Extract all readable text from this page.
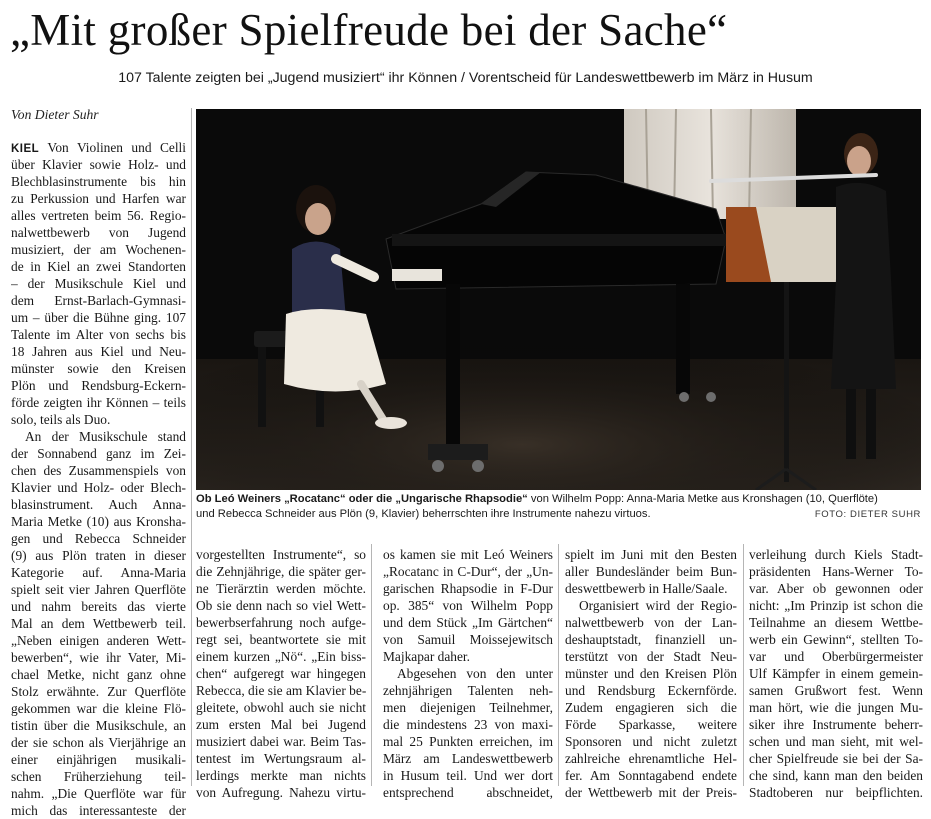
„Mit großer Spielfreude bei der Sache“
107 Talente zeigten bei „Jugend musiziert“ ihr Können / Vorentscheid für Landeswettbewerb im März in Husum
Von Dieter Suhr
KIEL Von Violinen und Celli
über Klavier sowie Holz- und
Blechblasinstrumente bis hin
zu Perkussion und Harfen war
alles vertreten beim 56. Regio-
nalwettbewerb von Jugend
musiziert, der am Wochenen-
de in Kiel an zwei Standorten
– der Musikschule Kiel und
dem Ernst-Barlach-Gymnasi-
um – über die Bühne ging. 107
Talente im Alter von sechs bis
18 Jahren aus Kiel und Neu-
münster sowie den Kreisen
Plön und Rendsburg-Eckern-
förde zeigten ihr Können – teils
solo, teils als Duo.
An der Musikschule stand
der Sonnabend ganz im Zei-
chen des Zusammenspiels von
Klavier und Holz- oder Blech-
blasinstrument. Auch Anna-
Maria Metke (10) aus Kronsha-
gen und Rebecca Schneider
(9) aus Plön traten in dieser
Kategorie auf. Anna-Maria
spielt seit vier Jahren Querflöte
und nahm bereits das vierte
Mal an dem Wettbewerb teil.
„Neben einigen anderen Wett-
bewerben“, wie ihr Vater, Mi-
chael Metke, nicht ganz ohne
Stolz erwähnte. Zur Querflöte
gekommen war die kleine Flö-
tistin über die Musikschule, an
der sie schon als Vierjährige an
einer einjährigen musikali-
schen Früherziehung teil-
nahm. „Die Querflöte war für
mich das interessanteste der
Ob Leó Weiners „Rocatanc“ oder die „Ungarische Rhapsodie“ von Wilhelm Popp: Anna-Maria Metke aus Kronshagen (10, Querflöte)
und Rebecca Schneider aus Plön (9, Klavier) beherrschten ihre Instrumente nahezu virtuos.	FOTO: DIETER SUHR
vorgestellten Instrumente“, so
die Zehnjährige, die später ger-
ne Tierärztin werden möchte.
Ob sie denn nach so viel Wett-
bewerbserfahrung noch aufge-
regt sei, beantwortete sie mit
einem kurzen „Nö“. „Ein biss-
chen“ aufgeregt war hingegen
Rebecca, die sie am Klavier be-
gleitete, obwohl auch sie nicht
zum ersten Mal bei Jugend
musiziert dabei war. Beim Tas-
tentest im Wertungsraum al-
lerdings merkte man nichts
von Aufregung. Nahezu virtu-
os kamen sie mit Leó Weiners
„Rocatanc in C-Dur“, der „Un-
garischen Rhapsodie in F-Dur
op. 385“ von Wilhelm Popp
und dem Stück „Im Gärtchen“
von Samuil Moissejewitsch
Majkapar daher.
Abgesehen von den unter
zehnjährigen Talenten neh-
men diejenigen Teilnehmer,
die mindestens 23 von maxi-
mal 25 Punkten erreichen, im
März am Landeswettbewerb
in Husum teil. Und wer dort
entsprechend abschneidet,
spielt im Juni mit den Besten
aller Bundesländer beim Bun-
deswettbewerb in Halle/Saale.
Organisiert wird der Regio-
nalwettbewerb von der Lan-
deshauptstadt, finanziell un-
terstützt von der Stadt Neu-
münster und den Kreisen Plön
und Rendsburg Eckernförde.
Zudem engagieren sich die
Förde Sparkasse, weitere
Sponsoren und nicht zuletzt
zahlreiche ehrenamtliche Hel-
fer. Am Sonntagabend endete
der Wettbewerb mit der Preis-
verleihung durch Kiels Stadt-
präsidenten Hans-Werner To-
var. Aber ob gewonnen oder
nicht: „Im Prinzip ist schon die
Teilnahme an diesem Wettbe-
werb ein Gewinn“, stellten To-
var und Oberbürgermeister
Ulf Kämpfer in einem gemein-
samen Grußwort fest. Wenn
man hört, wie die jungen Mu-
siker ihre Instrumente beherr-
schen und man sieht, mit wel-
cher Spielfreude sie bei der Sa-
che sind, kann man den beiden
Stadtoberen nur beipflichten.
